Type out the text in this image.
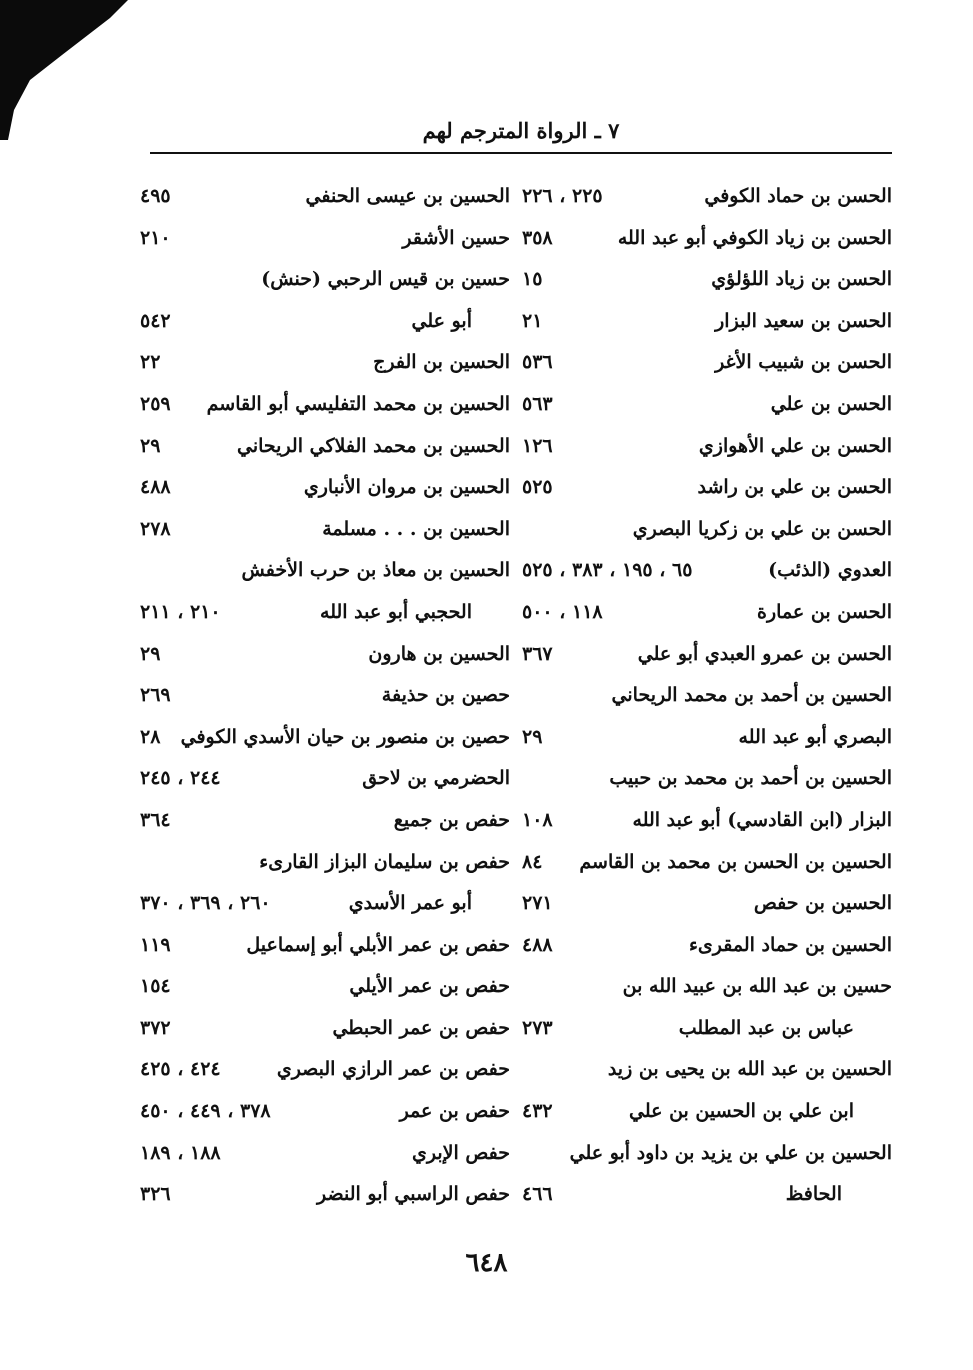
٧ ـ الرواة المترجم لهم
الحسن بن حماد الكوفي
٢٢٥ ، ٢٢٦
الحسن بن زياد الكوفي أبو عبد الله
٣٥٨
الحسن بن زياد اللؤلؤي
١٥
الحسن بن سعيد البزار
٢١
الحسن بن شبيب الأغر
٥٣٦
الحسن بن علي
٥٦٣
الحسن بن علي الأهوازي
١٢٦
الحسن بن علي بن راشد
٥٢٥
الحسن بن علي بن زكريا البصري
العدوي (الذئب)
٦٥ ، ١٩٥ ، ٣٨٣ ، ٥٢٥
الحسن بن عمارة
١١٨ ، ٥٠٠
الحسن بن عمرو العبدي أبو علي
٣٦٧
الحسين بن أحمد بن محمد الريحاني
البصري أبو عبد الله
٢٩
الحسين بن أحمد بن محمد بن حبيب
البزار (ابن القادسي) أبو عبد الله
١٠٨
الحسين بن الحسن بن محمد بن القاسم
٨٤
الحسين بن حفص
٢٧١
الحسين بن حماد المقرىء
٤٨٨
حسين بن عبد الله بن عبيد الله بن
عباس بن عبد المطلب
٢٧٣
الحسين بن عبد الله بن يحيى بن زيد
ابن علي بن الحسين بن علي
٤٣٢
الحسين بن علي بن يزيد بن داود أبو علي
الحافظ
٤٦٦
الحسين بن عيسى الحنفي
٤٩٥
حسين الأشقر
٢١٠
حسين بن قيس الرحبي (حنش)
أبو علي
٥٤٢
الحسين بن الفرج
٢٢
الحسين بن محمد التفليسي أبو القاسم
٢٥٩
الحسين بن محمد الفلاكي الريحاني
٢٩
الحسين بن مروان الأنباري
٤٨٨
الحسين بن . . . مسلمة
٢٧٨
الحسين بن معاذ بن حرب الأخفش
الحجبي أبو عبد الله
٢١٠ ، ٢١١
الحسين بن هارون
٢٩
حصين بن حذيفة
٢٦٩
حصين بن منصور بن حيان الأسدي الكوفي
٢٨
الحضرمي بن لاحق
٢٤٤ ، ٢٤٥
حفص بن جميع
٣٦٤
حفص بن سليمان البزاز القارىء
أبو عمر الأسدي
٢٦٠ ، ٣٦٩ ، ٣٧٠
حفص بن عمر الأبلي أبو إسماعيل
١١٩
حفص بن عمر الأيلي
١٥٤
حفص بن عمر الحبطي
٣٧٢
حفص بن عمر الرازي البصري
٤٢٤ ، ٤٢٥
حفص بن عمر
٣٧٨ ، ٤٤٩ ، ٤٥٠
حفص الإبري
١٨٨ ، ١٨٩
حفص الراسبي أبو النضر
٣٢٦
٦٤٨
